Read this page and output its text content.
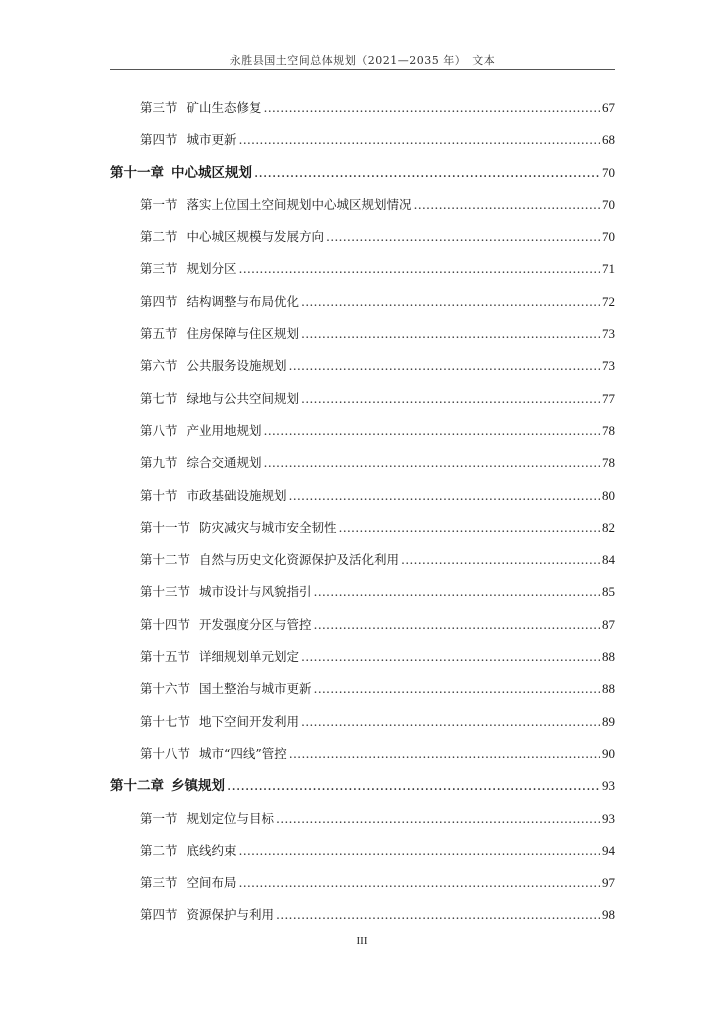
永胜县国土空间总体规划（2021—2035 年）　文本
第三节 矿山生态修复 .....	67
第四节 城市更新 .....	68
第十一章 中心城区规划 .....	70
第一节 落实上位国土空间规划中心城区规划情况 .....	70
第二节 中心城区规模与发展方向 .....	70
第三节 规划分区 .....	71
第四节 结构调整与布局优化 .....	72
第五节 住房保障与住区规划 .....	73
第六节 公共服务设施规划 .....	73
第七节 绿地与公共空间规划 .....	77
第八节 产业用地规划 .....	78
第九节 综合交通规划 .....	78
第十节 市政基础设施规划 .....	80
第十一节 防灾减灾与城市安全韧性 .....	82
第十二节 自然与历史文化资源保护及活化利用 .....	84
第十三节 城市设计与风貌指引 .....	85
第十四节 开发强度分区与管控 .....	87
第十五节 详细规划单元划定 .....	88
第十六节 国土整治与城市更新 .....	88
第十七节 地下空间开发利用 .....	89
第十八节 城市“四线”管控 .....	90
第十二章 乡镇规划 .....	93
第一节 规划定位与目标 .....	93
第二节 底线约束 .....	94
第三节 空间布局 .....	97
第四节 资源保护与利用 .....	98
III
